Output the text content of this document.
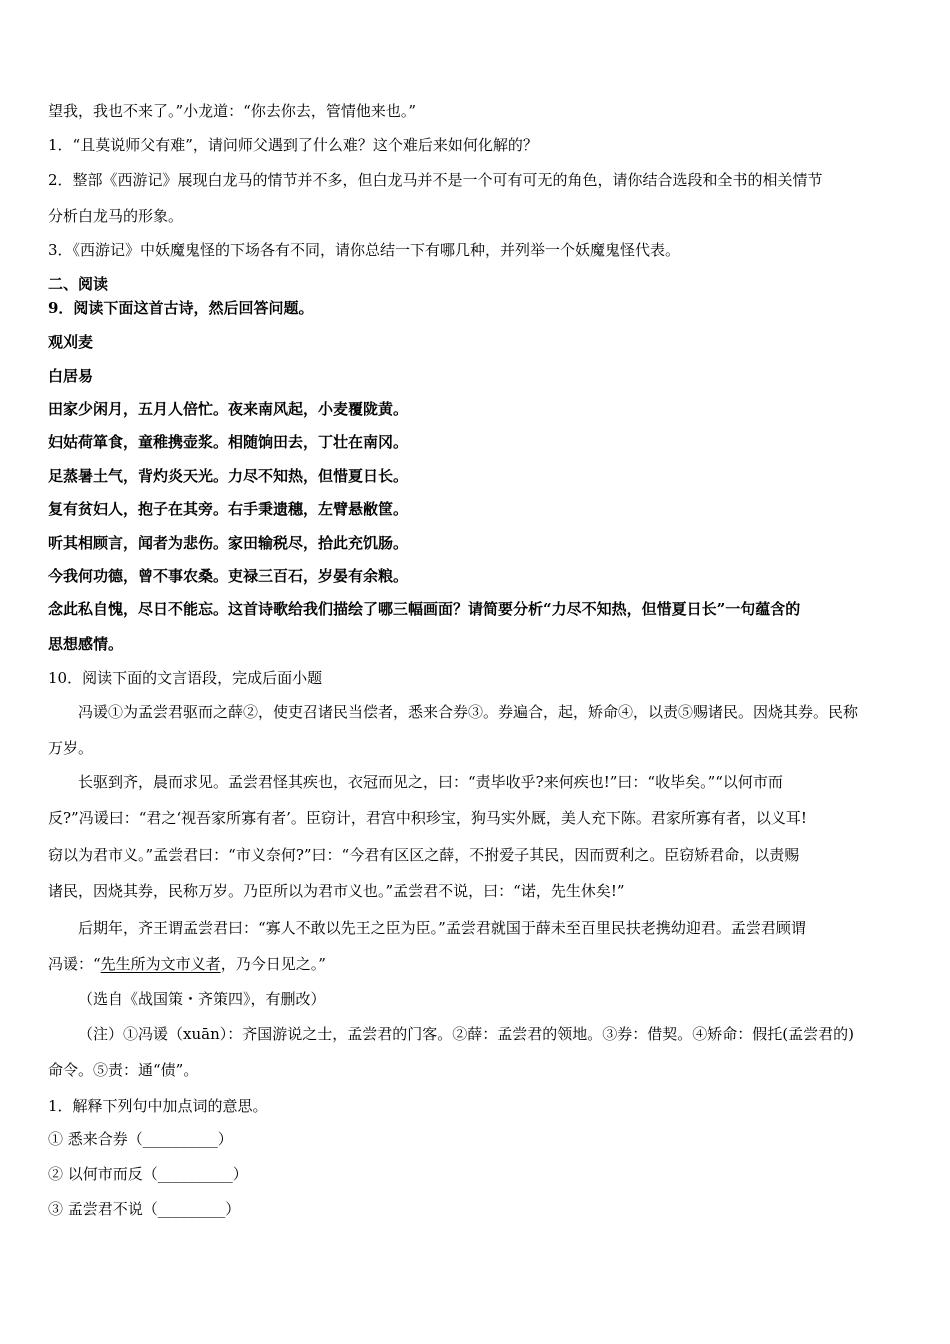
望我，我也不来了。”小龙道：“你去你去，管情他来也。”
1．“且莫说师父有难”，请问师父遇到了什么难？这个难后来如何化解的？
2．整部《西游记》展现白龙马的情节并不多，但白龙马并不是一个可有可无的角色，请你结合选段和全书的相关情节
分析白龙马的形象。
3．《西游记》中妖魔鬼怪的下场各有不同，请你总结一下有哪几种，并列举一个妖魔鬼怪代表。
二、阅读
9．阅读下面这首古诗，然后回答问题。
观刈麦
白居易
田家少闲月，五月人倍忙。夜来南风起，小麦覆陇黄。
妇姑荷箪食，童稚携壶浆。相随饷田去，丁壮在南冈。
足蒸暑土气，背灼炎天光。力尽不知热，但惜夏日长。
复有贫妇人，抱子在其旁。右手秉遗穗，左臂悬敝筐。
听其相顾言，闻者为悲伤。家田输税尽，拾此充饥肠。
今我何功德，曾不事农桑。吏禄三百石，岁晏有余粮。
念此私自愧，尽日不能忘。这首诗歌给我们描绘了哪三幅画面？请简要分析“力尽不知热，但惜夏日长”一句蕴含的
思想感情。
10．阅读下面的文言语段，完成后面小题
冯谖①为孟尝君驱而之薛②，使吏召诸民当偿者，悉来合券③。券遍合，起，矫命④，以责⑤赐诸民。因烧其券。民称
万岁。
长驱到齐，晨而求见。孟尝君怪其疾也，衣冠而见之，曰：“责毕收乎?来何疾也!”曰：“收毕矣。”“以何市而
反?”冯谖曰：“君之‘视吾家所寡有者’。臣窃计，君宫中积珍宝，狗马实外厩，美人充下陈。君家所寡有者，以义耳!
窃以为君市义。”孟尝君曰：“市义奈何?”曰：“今君有区区之薛，不拊爱子其民，因而贾利之。臣窃矫君命，以责赐
诸民，因烧其券，民称万岁。乃臣所以为君市义也。”孟尝君不说，曰：“诺，先生休矣!”
后期年，齐王谓孟尝君曰：“寡人不敢以先王之臣为臣。”孟尝君就国于薛未至百里民扶老携幼迎君。孟尝君顾谓
冯谖：“先生所为文市义者，乃今日见之。”
（选自《战国策・齐策四》，有删改）
（注）①冯谖（xuān）：齐国游说之士，孟尝君的门客。②薛：孟尝君的领地。③券：借契。④矫命：假托(孟尝君的)
命令。⑤责：通“债”。
1．解释下列句中加点词的意思。
① 悉来合券（__________）
② 以何市而反（__________）
③ 孟尝君不说（_________）
